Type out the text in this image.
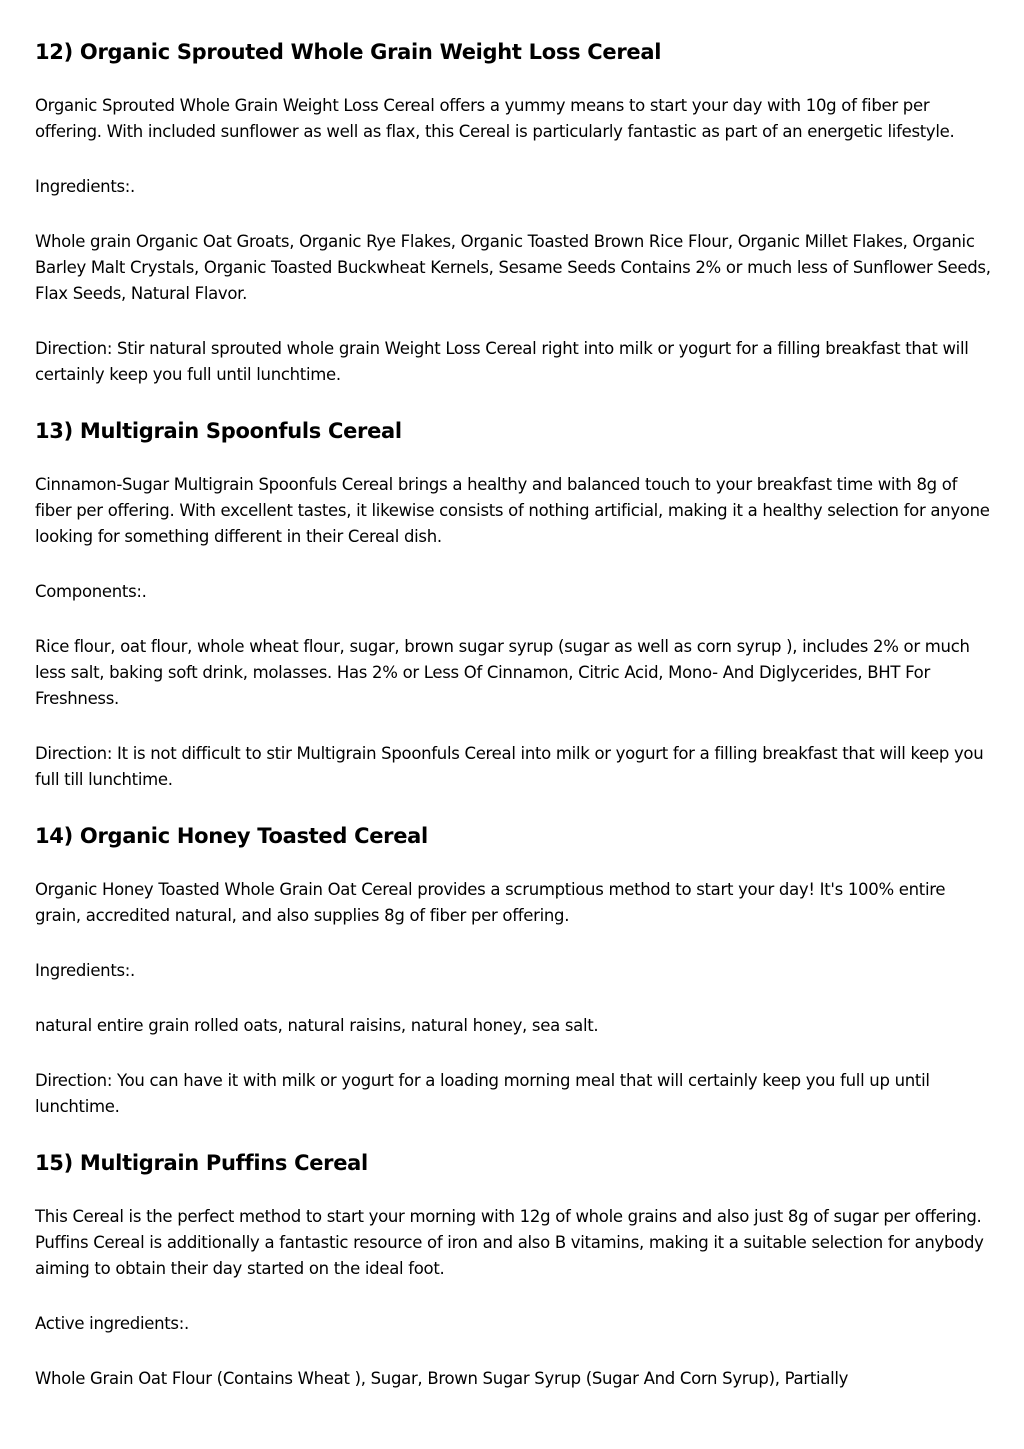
12) Organic Sprouted Whole Grain Weight Loss Cereal

Organic Sprouted Whole Grain Weight Loss Cereal offers a yummy means to start your day with 10g of fiber per offering. With included sunflower as well as flax, this Cereal is particularly fantastic as part of an energetic lifestyle.

Ingredients:.

Whole grain Organic Oat Groats, Organic Rye Flakes, Organic Toasted Brown Rice Flour, Organic Millet Flakes, Organic Barley Malt Crystals, Organic Toasted Buckwheat Kernels, Sesame Seeds Contains 2% or much less of Sunflower Seeds, Flax Seeds, Natural Flavor.

Direction: Stir natural sprouted whole grain Weight Loss Cereal right into milk or yogurt for a filling breakfast that will certainly keep you full until lunchtime.

13) Multigrain Spoonfuls Cereal

Cinnamon-Sugar Multigrain Spoonfuls Cereal brings a healthy and balanced touch to your breakfast time with 8g of fiber per offering. With excellent tastes, it likewise consists of nothing artificial, making it a healthy selection for anyone looking for something different in their Cereal dish.

Components:.

Rice flour, oat flour, whole wheat flour, sugar, brown sugar syrup (sugar as well as corn syrup ), includes 2% or much less salt, baking soft drink, molasses. Has 2% or Less Of Cinnamon, Citric Acid, Mono- And Diglycerides, BHT For Freshness.

Direction: It is not difficult to stir Multigrain Spoonfuls Cereal into milk or yogurt for a filling breakfast that will keep you full till lunchtime.

14) Organic Honey Toasted Cereal

Organic Honey Toasted Whole Grain Oat Cereal provides a scrumptious method to start your day! It's 100% entire grain, accredited natural, and also supplies 8g of fiber per offering.

Ingredients:.

natural entire grain rolled oats, natural raisins, natural honey, sea salt.

Direction: You can have it with milk or yogurt for a loading morning meal that will certainly keep you full up until lunchtime.

15) Multigrain Puffins Cereal

This Cereal is the perfect method to start your morning with 12g of whole grains and also just 8g of sugar per offering. Puffins Cereal is additionally a fantastic resource of iron and also B vitamins, making it a suitable selection for anybody aiming to obtain their day started on the ideal foot.

Active ingredients:.

Whole Grain Oat Flour (Contains Wheat ), Sugar, Brown Sugar Syrup (Sugar And Corn Syrup), Partially
